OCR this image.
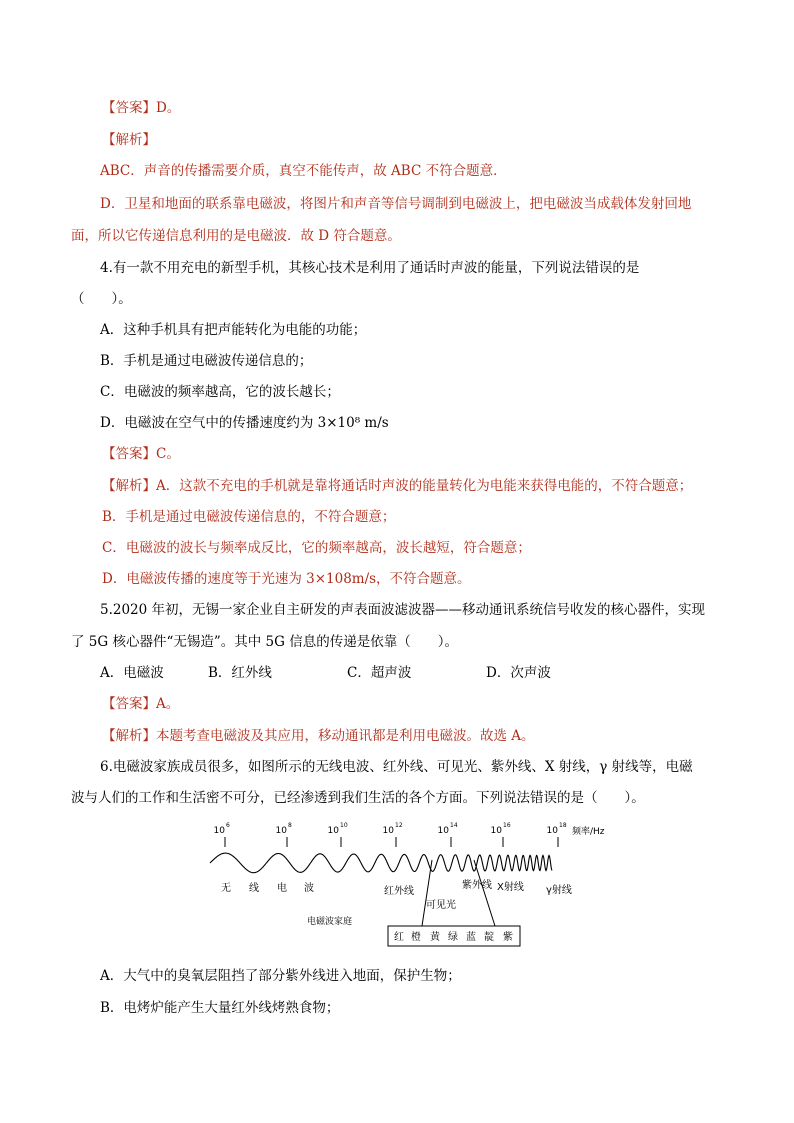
【答案】D。
【解析】
ABC．声音的传播需要介质，真空不能传声，故 ABC 不符合题意．
D．卫星和地面的联系靠电磁波，将图片和声音等信号调制到电磁波上，把电磁波当成载体发射回地
面，所以它传递信息利用的是电磁波．故 D 符合题意。
4.有一款不用充电的新型手机，其核心技术是利用了通话时声波的能量，下列说法错误的是
（　　）。
A．这种手机具有把声能转化为电能的功能；
B．手机是通过电磁波传递信息的；
C．电磁波的频率越高，它的波长越长；
D．电磁波在空气中的传播速度约为 3×10⁸ m/s
【答案】C。
【解析】A．这款不充电的手机就是靠将通话时声波的能量转化为电能来获得电能的，不符合题意；
B．手机是通过电磁波传递信息的，不符合题意；
C．电磁波的波长与频率成反比，它的频率越高，波长越短，符合题意；
D．电磁波传播的速度等于光速为 3×108m/s，不符合题意。
5.2020 年初，无锡一家企业自主研发的声表面波滤波器——移动通讯系统信号收发的核心器件，实现
了 5G 核心器件“无锡造”。其中 5G 信息的传递是依靠（　　）。
A．电磁波	B．红外线	C．超声波	D．次声波
【答案】A。
【解析】本题考查电磁波及其应用，移动通讯都是利用电磁波。故选 A。
6.电磁波家族成员很多，如图所示的无线电波、红外线、可见光、紫外线、X 射线，γ 射线等，电磁
波与人们的工作和生活密不可分，已经渗透到我们生活的各个方面。下列说法错误的是（　　）。
10
6
10
8
10
10
10
12
10
14
10
16
10
18
频率/Hz
无 线 电 波	红外线
紫外线 X射线 γ射线
可见光
电磁波家庭
红 橙 黄 绿 蓝 靛 紫
A．大气中的臭氧层阻挡了部分紫外线进入地面，保护生物；
B．电烤炉能产生大量红外线烤熟食物；
